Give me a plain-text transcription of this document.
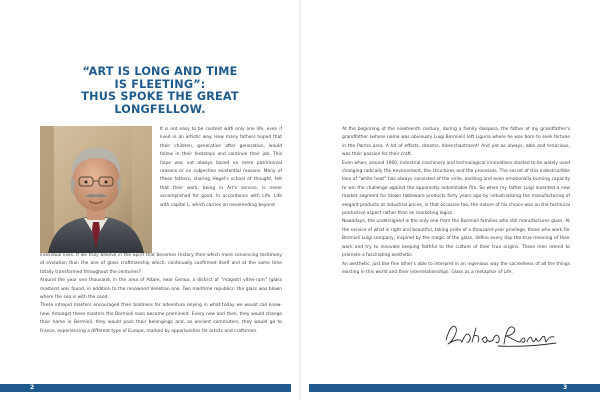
“ART IS LONG AND TIME
IS FLEETING”:
THUS SPOKE THE GREAT
LONGFELLOW.

It is not easy to be content with only one life, even if lived in an artistic way. How many fathers hoped that their children, generation after generation, would follow in their footsteps and continue their job. This hope was not always based on mere patrimonial reasons or on subjective existential reasons. Many of these fathers, sharing Hegel's school of thought, felt that their work, being in Art's service, is never accomplished for good. In accordance with Life, Life with capital L, which carries on neverending beyond

individual lives. If we truly believe in the Spirit that becomes History then which more convincing testimony of evolution than the one of glass craftmanship which, continually confirmed itself and at the same time totally transformed throughout the centuries?

Around the year one thousand, in the area of Altare, near Genoa, a district of “magistri vitrei-rum” (glass masters) was found, in addition to the renowned Venetian one. Two maritime republics: the glass was blown where the sea is with the sand.

These intrepid masters encouraged their boldness for adventure relying in what today we would call know-how. Amongst these masters the Bormioli soon became prominent. Every now and then, they would change their name in Bormioli, they would pack their belongings and, as ancient commuters, they would go to France, experiencing a different type of Europe, marked by opportunities for artists and craftsmen.

At the beginning of the nineteenth century, during a family diaspora, the father of my grandfather's grandfather (whose name was obviously Luigi Bormioli) left Liguria where he was born to seek fortune in the Parma area. A lot of efforts, dreams, disenchantment! And yet as always, able and tenacious, was their passion for their craft.

Even when, around 1900, industrial machinery and technological innovations started to be widely used changing radically the environment, the structures and the processes. The secret of this indestructible love of “white heat” has always consisted of the virile, exciting and even emotionally burning capacity to win the challenge against the apparently indomitable fire. So when my father Luigi invented a new market segment for blown tableware products forty years ago by industrializing the manufacturing of elegant products at industrial prices, in that occasion too, the nature of his choice was on the technical productive aspect rather than on marketing logics.

Nowadays, the undersigned is the only one from the Bormioli families who still manufactures glass. At the service of what is right and beautiful, taking pride of a thousand-year privilege, those who work for Bormioli Luigi company, inspired by the magic of the glass, define every day the true meaning of their work and try to innovate keeping faithful to the culture of their true origins. These men intend to promote a fascinating aesthetic.

An aesthetic, just like fine other's able to interpret in an ingenious way the sacredness of all the things existing in this world and their interrelationships: Glass as a metaphor of Life.

2	3
